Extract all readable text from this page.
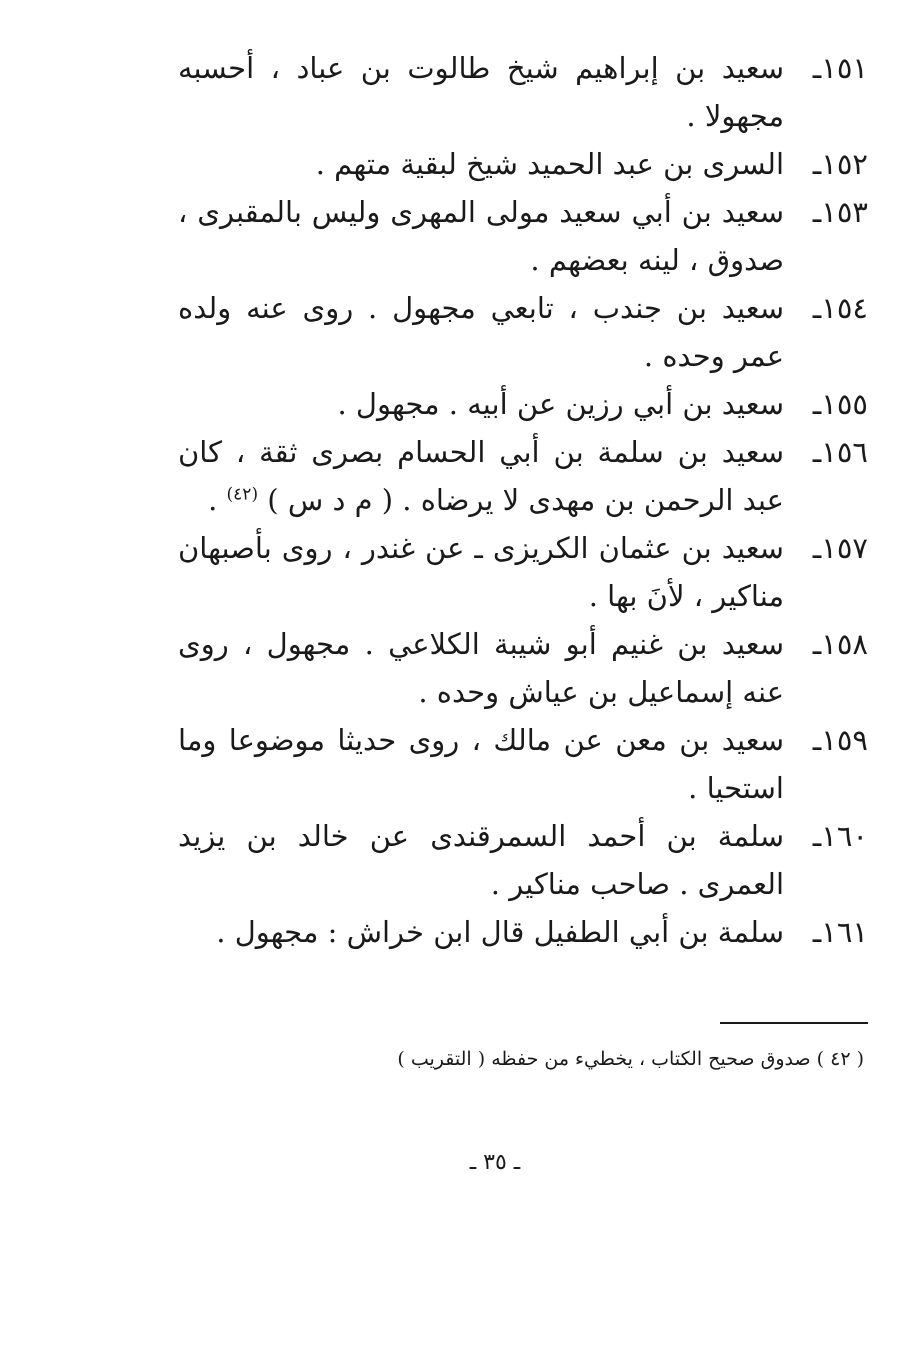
١٥١ـ
سعيد بن إبراهيم شيخ طالوت بن عباد ، أحسبه مجهولا .

١٥٢ـ
السرى بن عبد الحميد شيخ لبقية متهم .

١٥٣ـ
سعيد بن أبي سعيد مولى المهرى وليس بالمقبرى ، صدوق ، لينه بعضهم .

١٥٤ـ
سعيد بن جندب ، تابعي مجهول . روى عنه ولده عمر وحده .

١٥٥ـ
سعيد بن أبي رزين عن أبيه . مجهول .

١٥٦ـ
سعيد بن سلمة بن أبي الحسام بصرى ثقة ، كان عبد الرحمن بن مهدى لا يرضاه . ( م د س ) $^{(٤٢)}$ .

١٥٧ـ
سعيد بن عثمان الكريزى ـ عن غندر ، روى بأصبهان مناكير ، لأنَ بها .

١٥٨ـ
سعيد بن غنيم أبو شيبة الكلاعي . مجهول ، روى عنه إسماعيل بن عياش وحده .

١٥٩ـ
سعيد بن معن عن مالك ، روى حديثا موضوعا وما استحيا .

١٦٠ـ
سلمة بن أحمد السمرقندى عن خالد بن يزيد العمرى . صاحب مناكير .

١٦١ـ
سلمة بن أبي الطفيل قال ابن خراش : مجهول .

( ٤٢ ) صدوق صحيح الكتاب ، يخطيء من حفظه ( التقريب )
ـ ٣٥ ـ
